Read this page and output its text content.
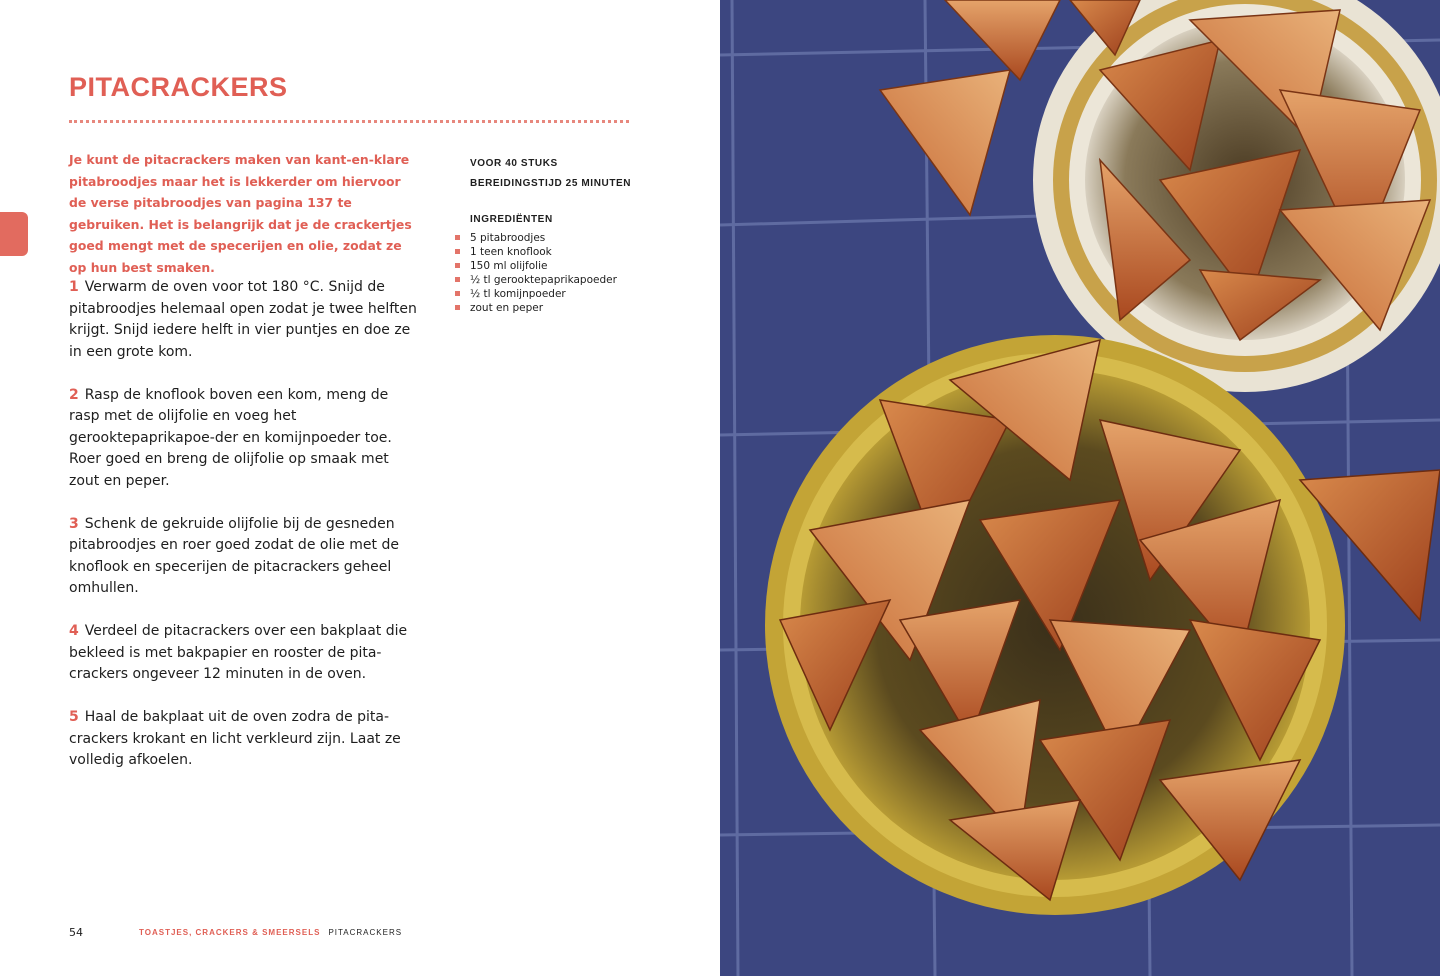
PITACRACKERS
Je kunt de pitacrackers maken van kant-en-klare pitabroodjes maar het is lekkerder om hiervoor de verse pitabroodjes van pagina 137 te gebruiken. Het is belangrijk dat je de crackertjes goed mengt met de specerijen en olie, zodat ze op hun best smaken.

1 Verwarm de oven voor tot 180 °C. Snijd de pitabroodjes helemaal open zodat je twee helften krijgt. Snijd iedere helft in vier puntjes en doe ze in een grote kom.

2 Rasp de knoflook boven een kom, meng de rasp met de olijfolie en voeg het gerooktepaprikapoe-der en komijnpoeder toe. Roer goed en breng de olijfolie op smaak met zout en peper.

3 Schenk de gekruide olijfolie bij de gesneden pitabroodjes en roer goed zodat de olie met de knoflook en specerijen de pitacrackers geheel omhullen.

4 Verdeel de pitacrackers over een bakplaat die bekleed is met bakpapier en rooster de pita-crackers ongeveer 12 minuten in de oven.

5 Haal de bakplaat uit de oven zodra de pita-crackers krokant en licht verkleurd zijn. Laat ze volledig afkoelen.

VOOR 40 STUKS
BEREIDINGSTIJD 25 MINUTEN
INGREDIËNTEN
5 pitabroodjes
1 teen knoflook
150 ml olijfolie
½ tl gerooktepaprikapoeder
½ tl komijnpoeder
zout en peper
54	TOASTJES, CRACKERS & SMEERSELS PITACRACKERS
